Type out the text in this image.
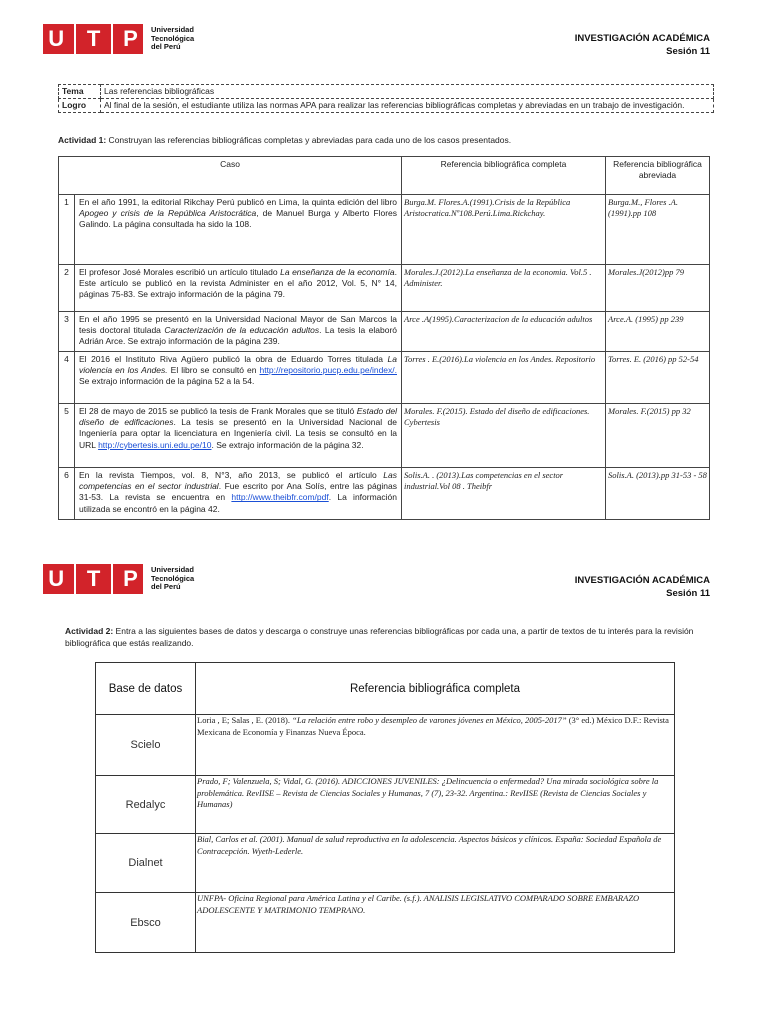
U T P Universidad
Tecnológica
del Perú
INVESTIGACIÓN ACADÉMICA
Sesión 11
Tema	Las referencias bibliográficas
Logro	Al final de la sesión, el estudiante utiliza las normas APA para realizar las referencias bibliográficas completas y abreviadas en un trabajo de investigación.
Actividad 1: Construyan las referencias bibliográficas completas y abreviadas para cada uno de los casos presentados.
Caso		Referencia bibliográfica completa	Referencia bibliográfica abreviada
1	En el año 1991, la editorial Rikchay Perú publicó en Lima, la quinta edición del libro Apogeo y crisis de la República Aristocrática, de Manuel Burga y Alberto Flores Galindo. La página consultada ha sido la 108.	Burga.M. Flores.A.(1991).Crisis de la República Aristocratica.Nº108.Perú.Lima.Rickchay.	Burga.M., Flores .A. (1991).pp 108
2	El profesor José Morales escribió un artículo titulado La enseñanza de la economía. Este artículo se publicó en la revista Administer en el año 2012, Vol. 5, N° 14, páginas 75-83. Se extrajo información de la página 79.	Morales.J.(2012).La enseñanza de la economia. Vol.5 . Administer.	Morales.J(2012)pp 79
3	En el año 1995 se presentó en la Universidad Nacional Mayor de San Marcos la tesis doctoral titulada Caracterización de la educación adultos. La tesis la elaboró Adrián Arce. Se extrajo información de la página 239.	Arce .A(1995).Caracterizacion de la educación adultos	Arce.A. (1995) pp 239
4	El 2016 el Instituto Riva Agüero publicó la obra de Eduardo Torres titulada La violencia en los Andes. El libro se consultó en http://repositorio.pucp.edu.pe/index/. Se extrajo información de la página 52 a la 54.	Torres . E.(2016).La violencia en los Andes. Repositorio	Torres. E. (2016) pp 52-54
5	El 28 de mayo de 2015 se publicó la tesis de Frank Morales que se tituló Estado del diseño de edificaciones. La tesis se presentó en la Universidad Nacional de Ingeniería para optar la licenciatura en Ingeniería civil. La tesis se consultó en la URL http://cybertesis.uni.edu.pe/10. Se extrajo información de la página 32.	Morales. F.(2015). Estado del diseño de edificaciones. Cybertesis	Morales. F.(2015) pp 32
6	En la revista Tiempos, vol. 8, N°3, año 2013, se publicó el artículo Las competencias en el sector industrial. Fue escrito por Ana Solís, entre las páginas 31-53. La revista se encuentra en http://www.theibfr.com/pdf. La información utilizada se encontró en la página 42.	Solis.A. . (2013).Las competencias en el sector industrial.Vol 08 . Theibfr	Solis.A. (2013).pp 31-53 - 58
U T P Universidad
Tecnológica
del Perú
INVESTIGACIÓN ACADÉMICA
Sesión 11
Actividad 2: Entra a las siguientes bases de datos y descarga o construye unas referencias bibliográficas por cada una, a partir de textos de tu interés para la revisión bibliográfica que estás realizando.
Base de datos	Referencia bibliográfica completa
Scielo	Loria , E; Salas , E. (2018). “La relación entre robo y desempleo de varones jóvenes en México, 2005-2017” (3° ed.) México D.F.: Revista Mexicana de Economía y Finanzas Nueva Época.
Redalyc	Prado, F; Valenzuela, S; Vidal, G. (2016). ADICCIONES JUVENILES: ¿Delincuencia o enfermedad? Una mirada sociológica sobre la problemática. RevIISE – Revista de Ciencias Sociales y Humanas, 7 (7), 23-32. Argentina.: RevIISE (Revista de Ciencias Sociales y Humanas)
Dialnet	Bial, Carlos et al. (2001). Manual de salud reproductiva en la adolescencia. Aspectos básicos y clínicos. España: Sociedad Española de Contracepción. Wyeth-Lederle.
Ebsco	UNFPA- Oficina Regional para América Latina y el Caribe. (s.f.). ANALISIS LEGISLATIVO COMPARADO SOBRE EMBARAZO ADOLESCENTE Y MATRIMONIO TEMPRANO.
